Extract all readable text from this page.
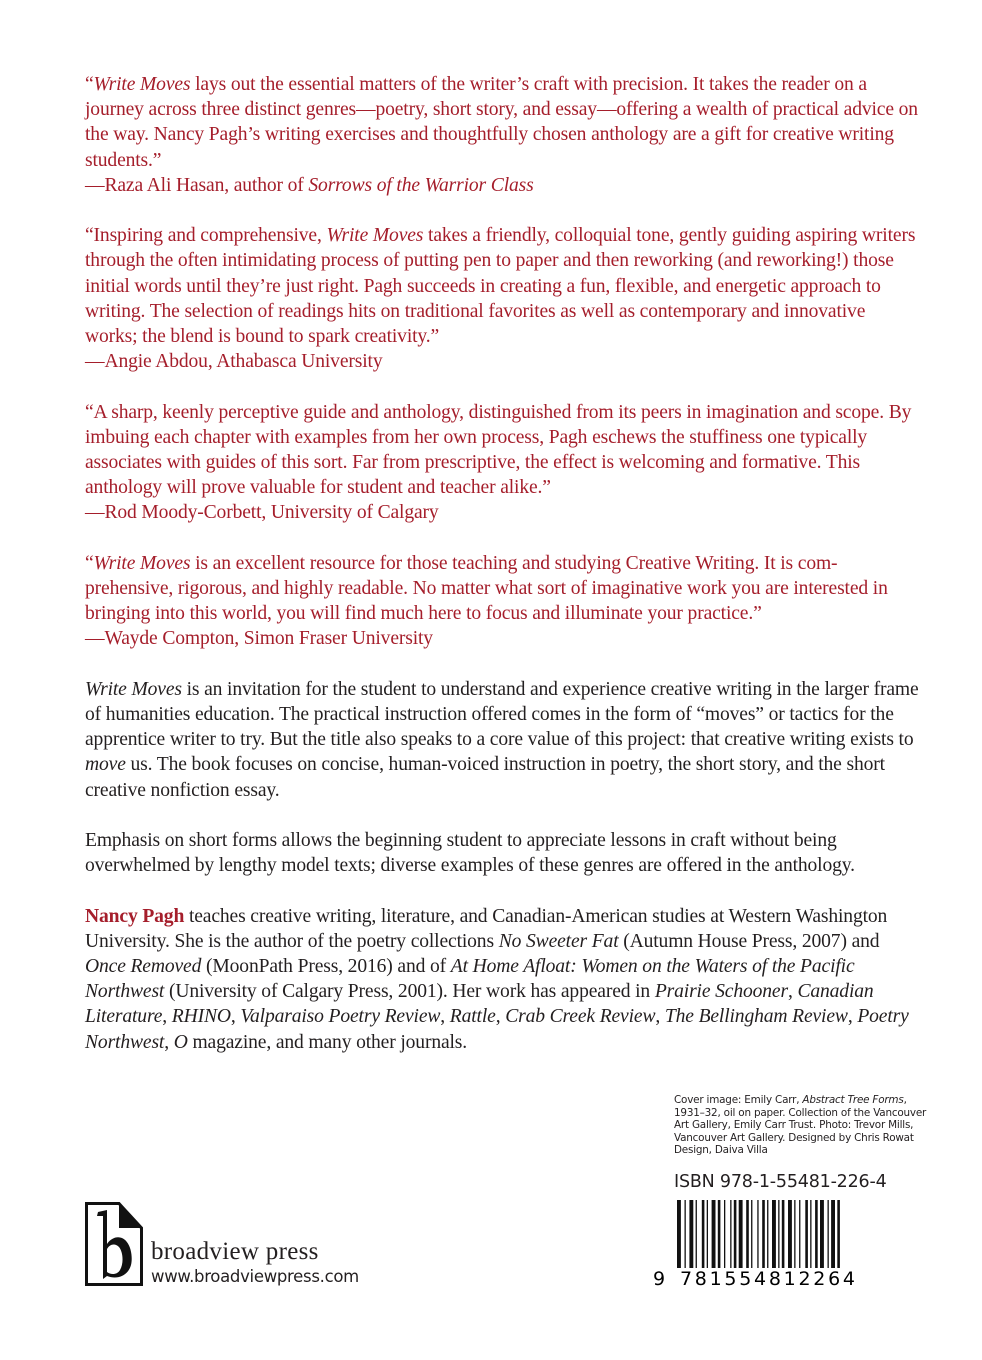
“Write Moves lays out the essential matters of the writer’s craft with precision. It takes the reader on a journey across three distinct genres—poetry, short story, and essay—offering a wealth of practical advice on the way. Nancy Pagh’s writing exercises and thoughtfully chosen anthology are a gift for creative writing students.”
—Raza Ali Hasan, author of Sorrows of the Warrior Class

“Inspiring and comprehensive, Write Moves takes a friendly, colloquial tone, gently guiding aspiring writers through the often intimidating process of putting pen to paper and then reworking (and reworking!) those initial words until they’re just right. Pagh succeeds in creating a fun, flexible, and energetic approach to writing. The selection of readings hits on traditional favorites as well as contemporary and innovative works; the blend is bound to spark creativity.”
—Angie Abdou, Athabasca University

“A sharp, keenly perceptive guide and anthology, distinguished from its peers in imagination and scope. By imbuing each chapter with examples from her own process, Pagh eschews the stuffiness one typically associates with guides of this sort. Far from prescriptive, the effect is welcoming and formative. This anthology will prove valuable for student and teacher alike.”
—Rod Moody-Corbett, University of Calgary

“Write Moves is an excellent resource for those teaching and studying Creative Writing. It is com-prehensive, rigorous, and highly readable. No matter what sort of imaginative work you are interested in bringing into this world, you will find much here to focus and illuminate your practice.”
—Wayde Compton, Simon Fraser University

Write Moves is an invitation for the student to understand and experience creative writing in the larger frame of humanities education. The practical instruction offered comes in the form of “moves” or tactics for the apprentice writer to try. But the title also speaks to a core value of this project: that creative writing exists to move us. The book focuses on concise, human-voiced instruction in poetry, the short story, and the short creative nonfiction essay.

Emphasis on short forms allows the beginning student to appreciate lessons in craft without being overwhelmed by lengthy model texts; diverse examples of these genres are offered in the anthology.

Nancy Pagh teaches creative writing, literature, and Canadian-American studies at Western Washington University. She is the author of the poetry collections No Sweeter Fat (Autumn House Press, 2007) and Once Removed (MoonPath Press, 2016) and of At Home Afloat: Women on the Waters of the Pacific Northwest (University of Calgary Press, 2001). Her work has appeared in Prairie Schooner, Canadian Literature, RHINO, Valparaiso Poetry Review, Rattle, Crab Creek Review, The Bellingham Review, Poetry Northwest, O magazine, and many other journals.

Cover image: Emily Carr, Abstract Tree Forms, 1931–32, oil on paper. Collection of the Vancouver Art Gallery, Emily Carr Trust. Photo: Trevor Mills, Vancouver Art Gallery. Designed by Chris Rowat Design, Daiva Villa
ISBN 978-1-55481-226-4
9 781554812264
broadview press
www.broadviewpress.com
